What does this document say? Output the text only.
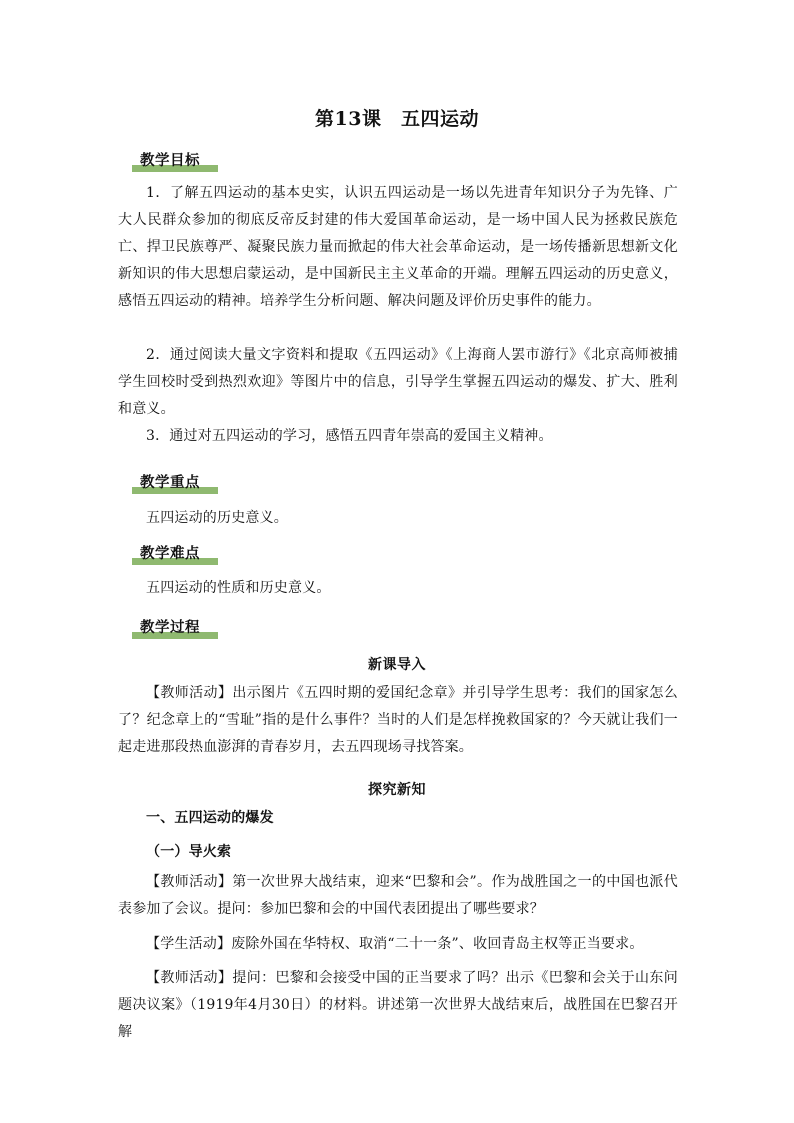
第13课　五四运动
教学目标
1．了解五四运动的基本史实，认识五四运动是一场以先进青年知识分子为先锋、广大人民群众参加的彻底反帝反封建的伟大爱国革命运动，是一场中国人民为拯救民族危亡、捍卫民族尊严、凝聚民族力量而掀起的伟大社会革命运动，是一场传播新思想新文化新知识的伟大思想启蒙运动，是中国新民主主义革命的开端。理解五四运动的历史意义，感悟五四运动的精神。培养学生分析问题、解决问题及评价历史事件的能力。
2．通过阅读大量文字资料和提取《五四运动》《上海商人罢市游行》《北京高师被捕学生回校时受到热烈欢迎》等图片中的信息，引导学生掌握五四运动的爆发、扩大、胜利和意义。
3．通过对五四运动的学习，感悟五四青年崇高的爱国主义精神。
教学重点
五四运动的历史意义。
教学难点
五四运动的性质和历史意义。
教学过程
新课导入
【教师活动】出示图片《五四时期的爱国纪念章》并引导学生思考：我们的国家怎么了？纪念章上的“雪耻”指的是什么事件？当时的人们是怎样挽救国家的？今天就让我们一起走进那段热血澎湃的青春岁月，去五四现场寻找答案。
探究新知
一、五四运动的爆发
（一）导火索
【教师活动】第一次世界大战结束，迎来“巴黎和会”。作为战胜国之一的中国也派代表参加了会议。提问：参加巴黎和会的中国代表团提出了哪些要求？
【学生活动】废除外国在华特权、取消“二十一条”、收回青岛主权等正当要求。
【教师活动】提问：巴黎和会接受中国的正当要求了吗？出示《巴黎和会关于山东问题决议案》（1919年4月30日）的材料。讲述第一次世界大战结束后，战胜国在巴黎召开解
